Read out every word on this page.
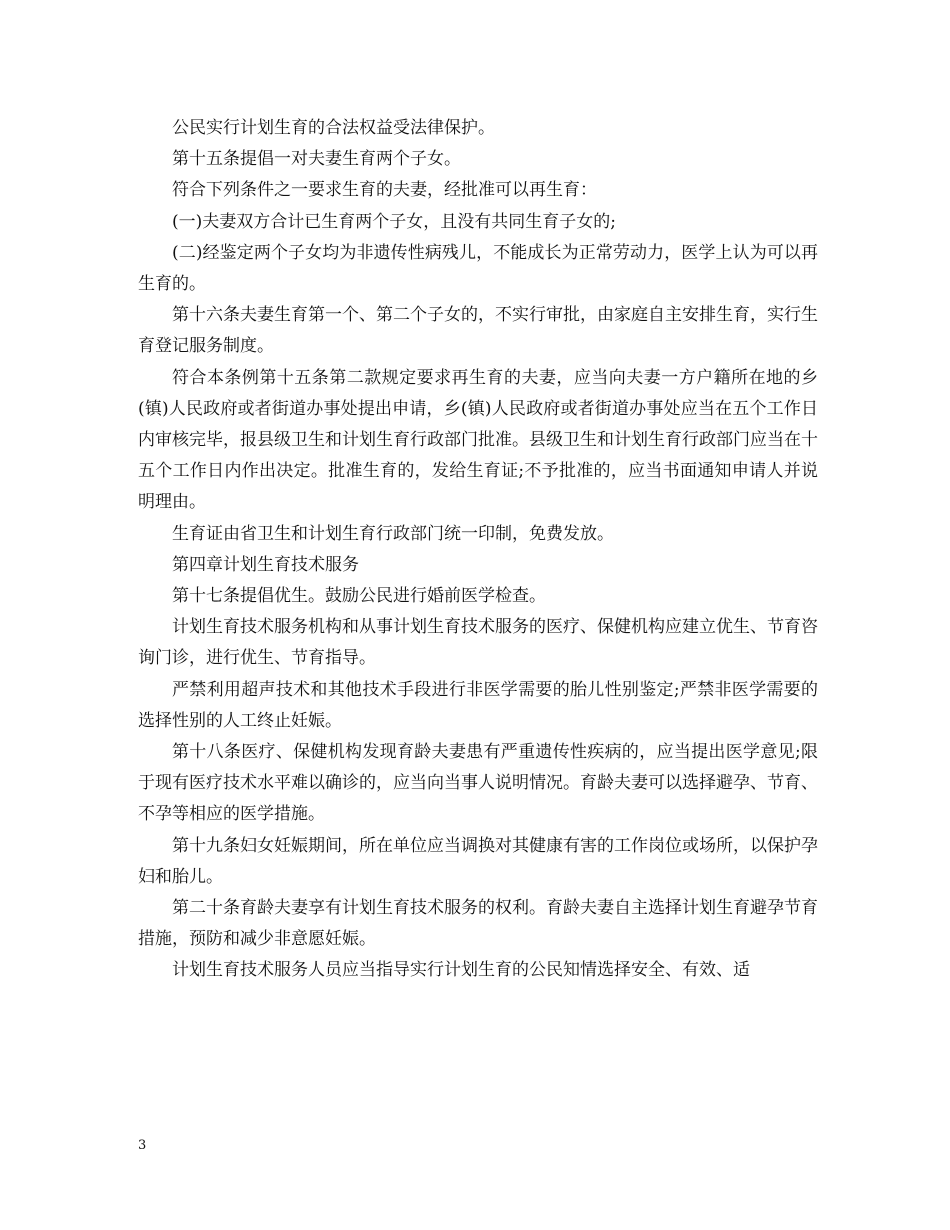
公民实行计划生育的合法权益受法律保护。

第十五条提倡一对夫妻生育两个子女。

符合下列条件之一要求生育的夫妻，经批准可以再生育：

(一)夫妻双方合计已生育两个子女，且没有共同生育子女的;

(二)经鉴定两个子女均为非遗传性病残儿，不能成长为正常劳动力，医学上认为可以再生育的。

第十六条夫妻生育第一个、第二个子女的，不实行审批，由家庭自主安排生育，实行生育登记服务制度。

符合本条例第十五条第二款规定要求再生育的夫妻，应当向夫妻一方户籍所在地的乡(镇)人民政府或者街道办事处提出申请，乡(镇)人民政府或者街道办事处应当在五个工作日内审核完毕，报县级卫生和计划生育行政部门批准。县级卫生和计划生育行政部门应当在十五个工作日内作出决定。批准生育的，发给生育证;不予批准的，应当书面通知申请人并说明理由。

生育证由省卫生和计划生育行政部门统一印制，免费发放。

第四章计划生育技术服务

第十七条提倡优生。鼓励公民进行婚前医学检查。

计划生育技术服务机构和从事计划生育技术服务的医疗、保健机构应建立优生、节育咨询门诊，进行优生、节育指导。

严禁利用超声技术和其他技术手段进行非医学需要的胎儿性别鉴定;严禁非医学需要的选择性别的人工终止妊娠。

第十八条医疗、保健机构发现育龄夫妻患有严重遗传性疾病的，应当提出医学意见;限于现有医疗技术水平难以确诊的，应当向当事人说明情况。育龄夫妻可以选择避孕、节育、不孕等相应的医学措施。

第十九条妇女妊娠期间，所在单位应当调换对其健康有害的工作岗位或场所，以保护孕妇和胎儿。

第二十条育龄夫妻享有计划生育技术服务的权利。育龄夫妻自主选择计划生育避孕节育措施，预防和减少非意愿妊娠。

计划生育技术服务人员应当指导实行计划生育的公民知情选择安全、有效、适

3
